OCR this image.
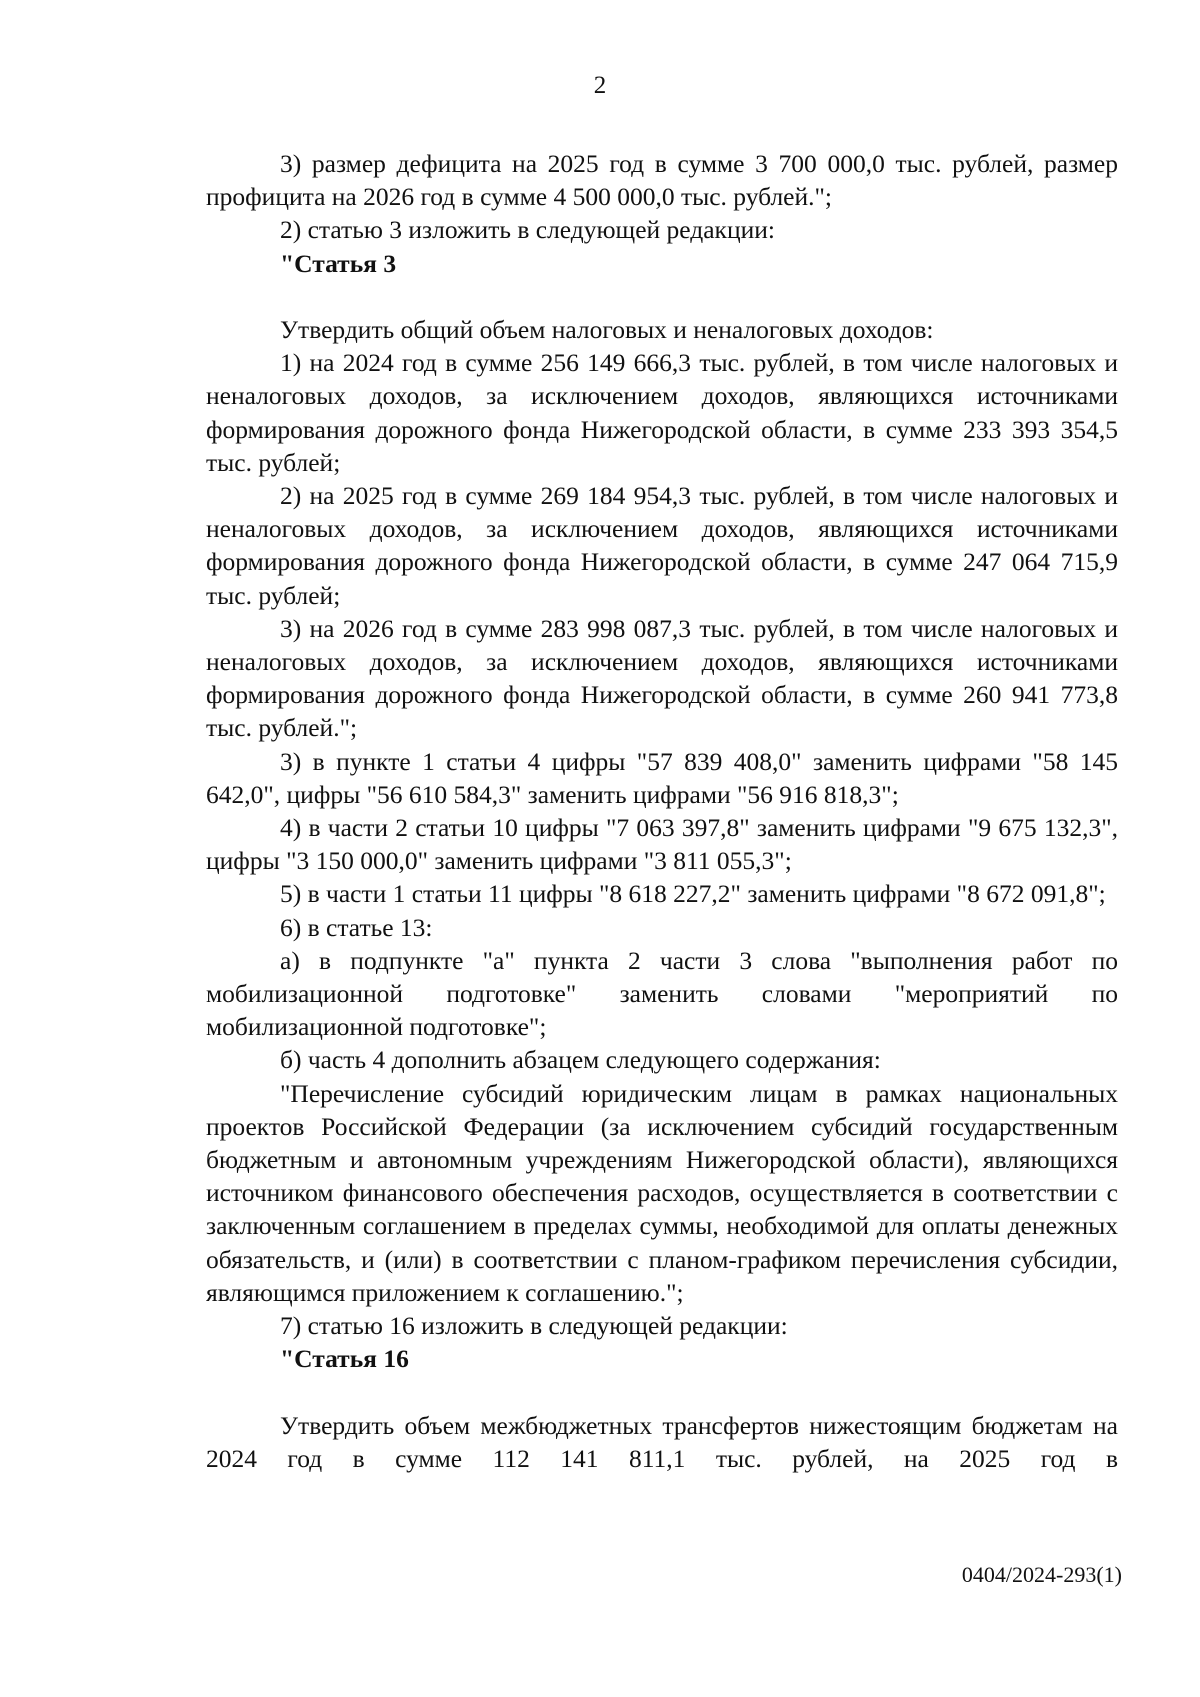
2

3) размер дефицита на 2025 год в сумме 3 700 000,0 тыс. рублей, размер профицита на 2026 год в сумме 4 500 000,0 тыс. рублей.";

2) статью 3 изложить в следующей редакции:

"Статья 3

Утвердить общий объем налоговых и неналоговых доходов:

1) на 2024 год в сумме 256 149 666,3 тыс. рублей, в том числе налоговых и неналоговых доходов, за исключением доходов, являющихся источниками формирования дорожного фонда Нижегородской области, в сумме 233 393 354,5 тыс. рублей;

2) на 2025 год в сумме 269 184 954,3 тыс. рублей, в том числе налоговых и неналоговых доходов, за исключением доходов, являющихся источниками формирования дорожного фонда Нижегородской области, в сумме 247 064 715,9 тыс. рублей;

3) на 2026 год в сумме 283 998 087,3 тыс. рублей, в том числе налоговых и неналоговых доходов, за исключением доходов, являющихся источниками формирования дорожного фонда Нижегородской области, в сумме 260 941 773,8 тыс. рублей.";

3) в пункте 1 статьи 4 цифры "57 839 408,0" заменить цифрами "58 145 642,0", цифры "56 610 584,3" заменить цифрами "56 916 818,3";

4) в части 2 статьи 10 цифры "7 063 397,8" заменить цифрами "9 675 132,3", цифры "3 150 000,0" заменить цифрами "3 811 055,3";

5) в части 1 статьи 11 цифры "8 618 227,2" заменить цифрами "8 672 091,8";

6) в статье 13:

а) в подпункте "а" пункта 2 части 3 слова "выполнения работ по мобилизационной подготовке" заменить словами "мероприятий по мобилизационной подготовке";

б) часть 4 дополнить абзацем следующего содержания:

"Перечисление субсидий юридическим лицам в рамках национальных проектов Российской Федерации (за исключением субсидий государственным бюджетным и автономным учреждениям Нижегородской области), являющихся источником финансового обеспечения расходов, осуществляется в соответствии с заключенным соглашением в пределах суммы, необходимой для оплаты денежных обязательств, и (или) в соответствии с планом-графиком перечисления субсидии, являющимся приложением к соглашению.";

7) статью 16 изложить в следующей редакции:

"Статья 16

Утвердить объем межбюджетных трансфертов нижестоящим бюджетам на 2024 год в сумме 112 141 811,1 тыс. рублей, на 2025 год в

0404/2024-293(1)
